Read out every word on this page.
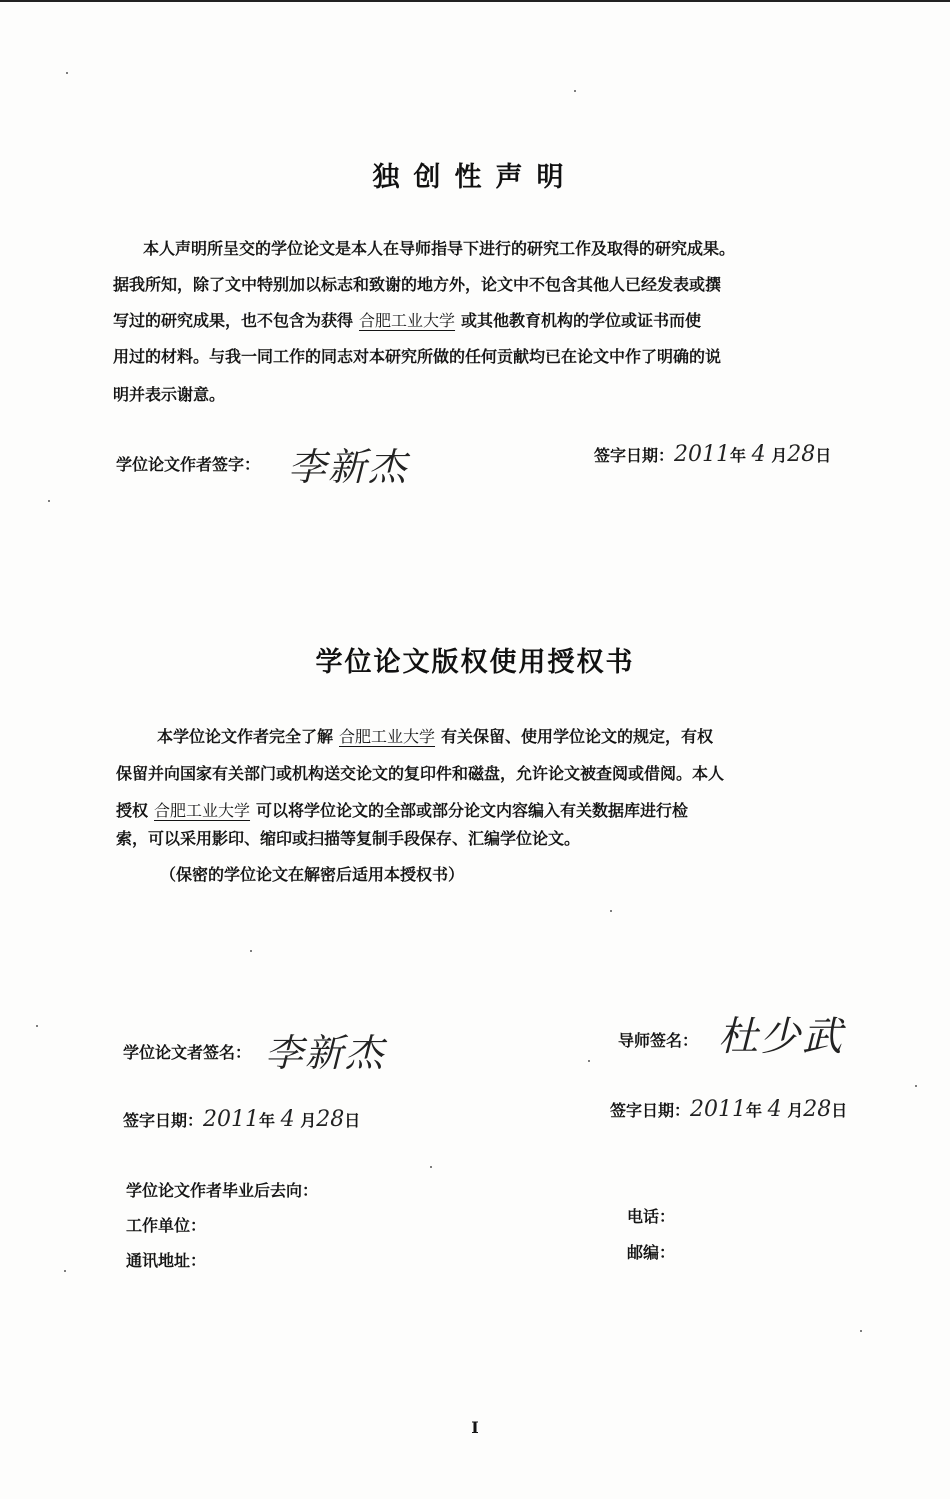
独创性声明
本人声明所呈交的学位论文是本人在导师指导下进行的研究工作及取得的研究成果。
据我所知，除了文中特别加以标志和致谢的地方外，论文中不包含其他人已经发表或撰
写过的研究成果，也不包含为获得 合肥工业大学 或其他教育机构的学位或证书而使
用过的材料。与我一同工作的同志对本研究所做的任何贡献均已在论文中作了明确的说
明并表示谢意。
学位论文作者签字： 李新杰	签字日期：2011年 4 月28日
学位论文版权使用授权书
本学位论文作者完全了解 合肥工业大学 有关保留、使用学位论文的规定，有权
保留并向国家有关部门或机构送交论文的复印件和磁盘，允许论文被查阅或借阅。本人
授权 合肥工业大学 可以将学位论文的全部或部分论文内容编入有关数据库进行检
索，可以采用影印、缩印或扫描等复制手段保存、汇编学位论文。
（保密的学位论文在解密后适用本授权书）
学位论文者签名： 李新杰	导师签名： 杜少武
签字日期：2011年 4 月28日
签字日期：2011年 4 月28日
学位论文作者毕业后去向：
工作单位：
通讯地址：
电话：
邮编：
I
